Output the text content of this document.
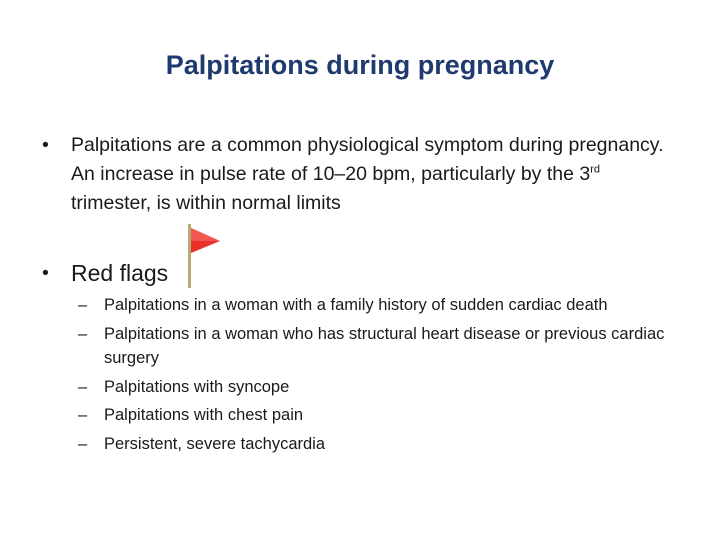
Palpitations during pregnancy
• Palpitations are a common physiological symptom during pregnancy. An increase in pulse rate of 10–20 bpm, particularly by the 3rd trimester, is within normal limits
• Red flags
– Palpitations in a woman with a family history of sudden cardiac death
– Palpitations in a woman who has structural heart disease or previous cardiac surgery
– Palpitations with syncope
– Palpitations with chest pain
– Persistent, severe tachycardia
